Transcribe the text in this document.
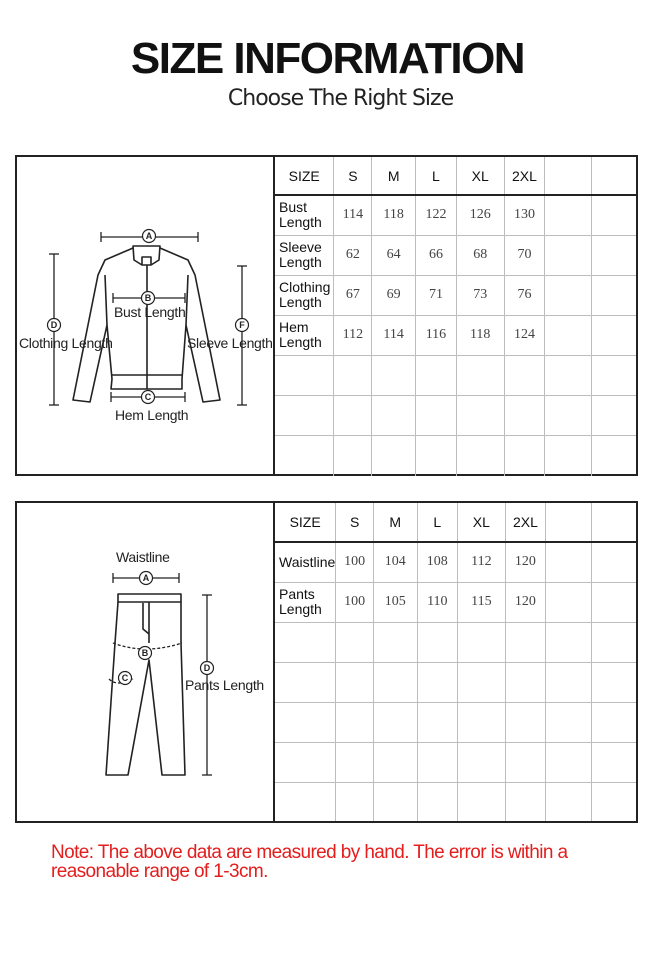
SIZE INFORMATION
Choose The Right Size
A
B
C
D	F
Bust Length
Clothing Length	Sleeve Length
Hem Length
SIZE	S	M	L	XL	2XL		
Bust Length	114	118	122	126	130		
Sleeve Length	62	64	66	68	70		
Clothing Length	67	69	71	73	76		
Hem Length	112	114	116	118	124		

A
B
C
D
Waistline
Pants Length
SIZE	S	M	L	XL	2XL		
Waistline	100	104	108	112	120		
Pants Length	100	105	110	115	120		

Note: The above data are measured by hand. The error is within a
reasonable range of 1-3cm.
